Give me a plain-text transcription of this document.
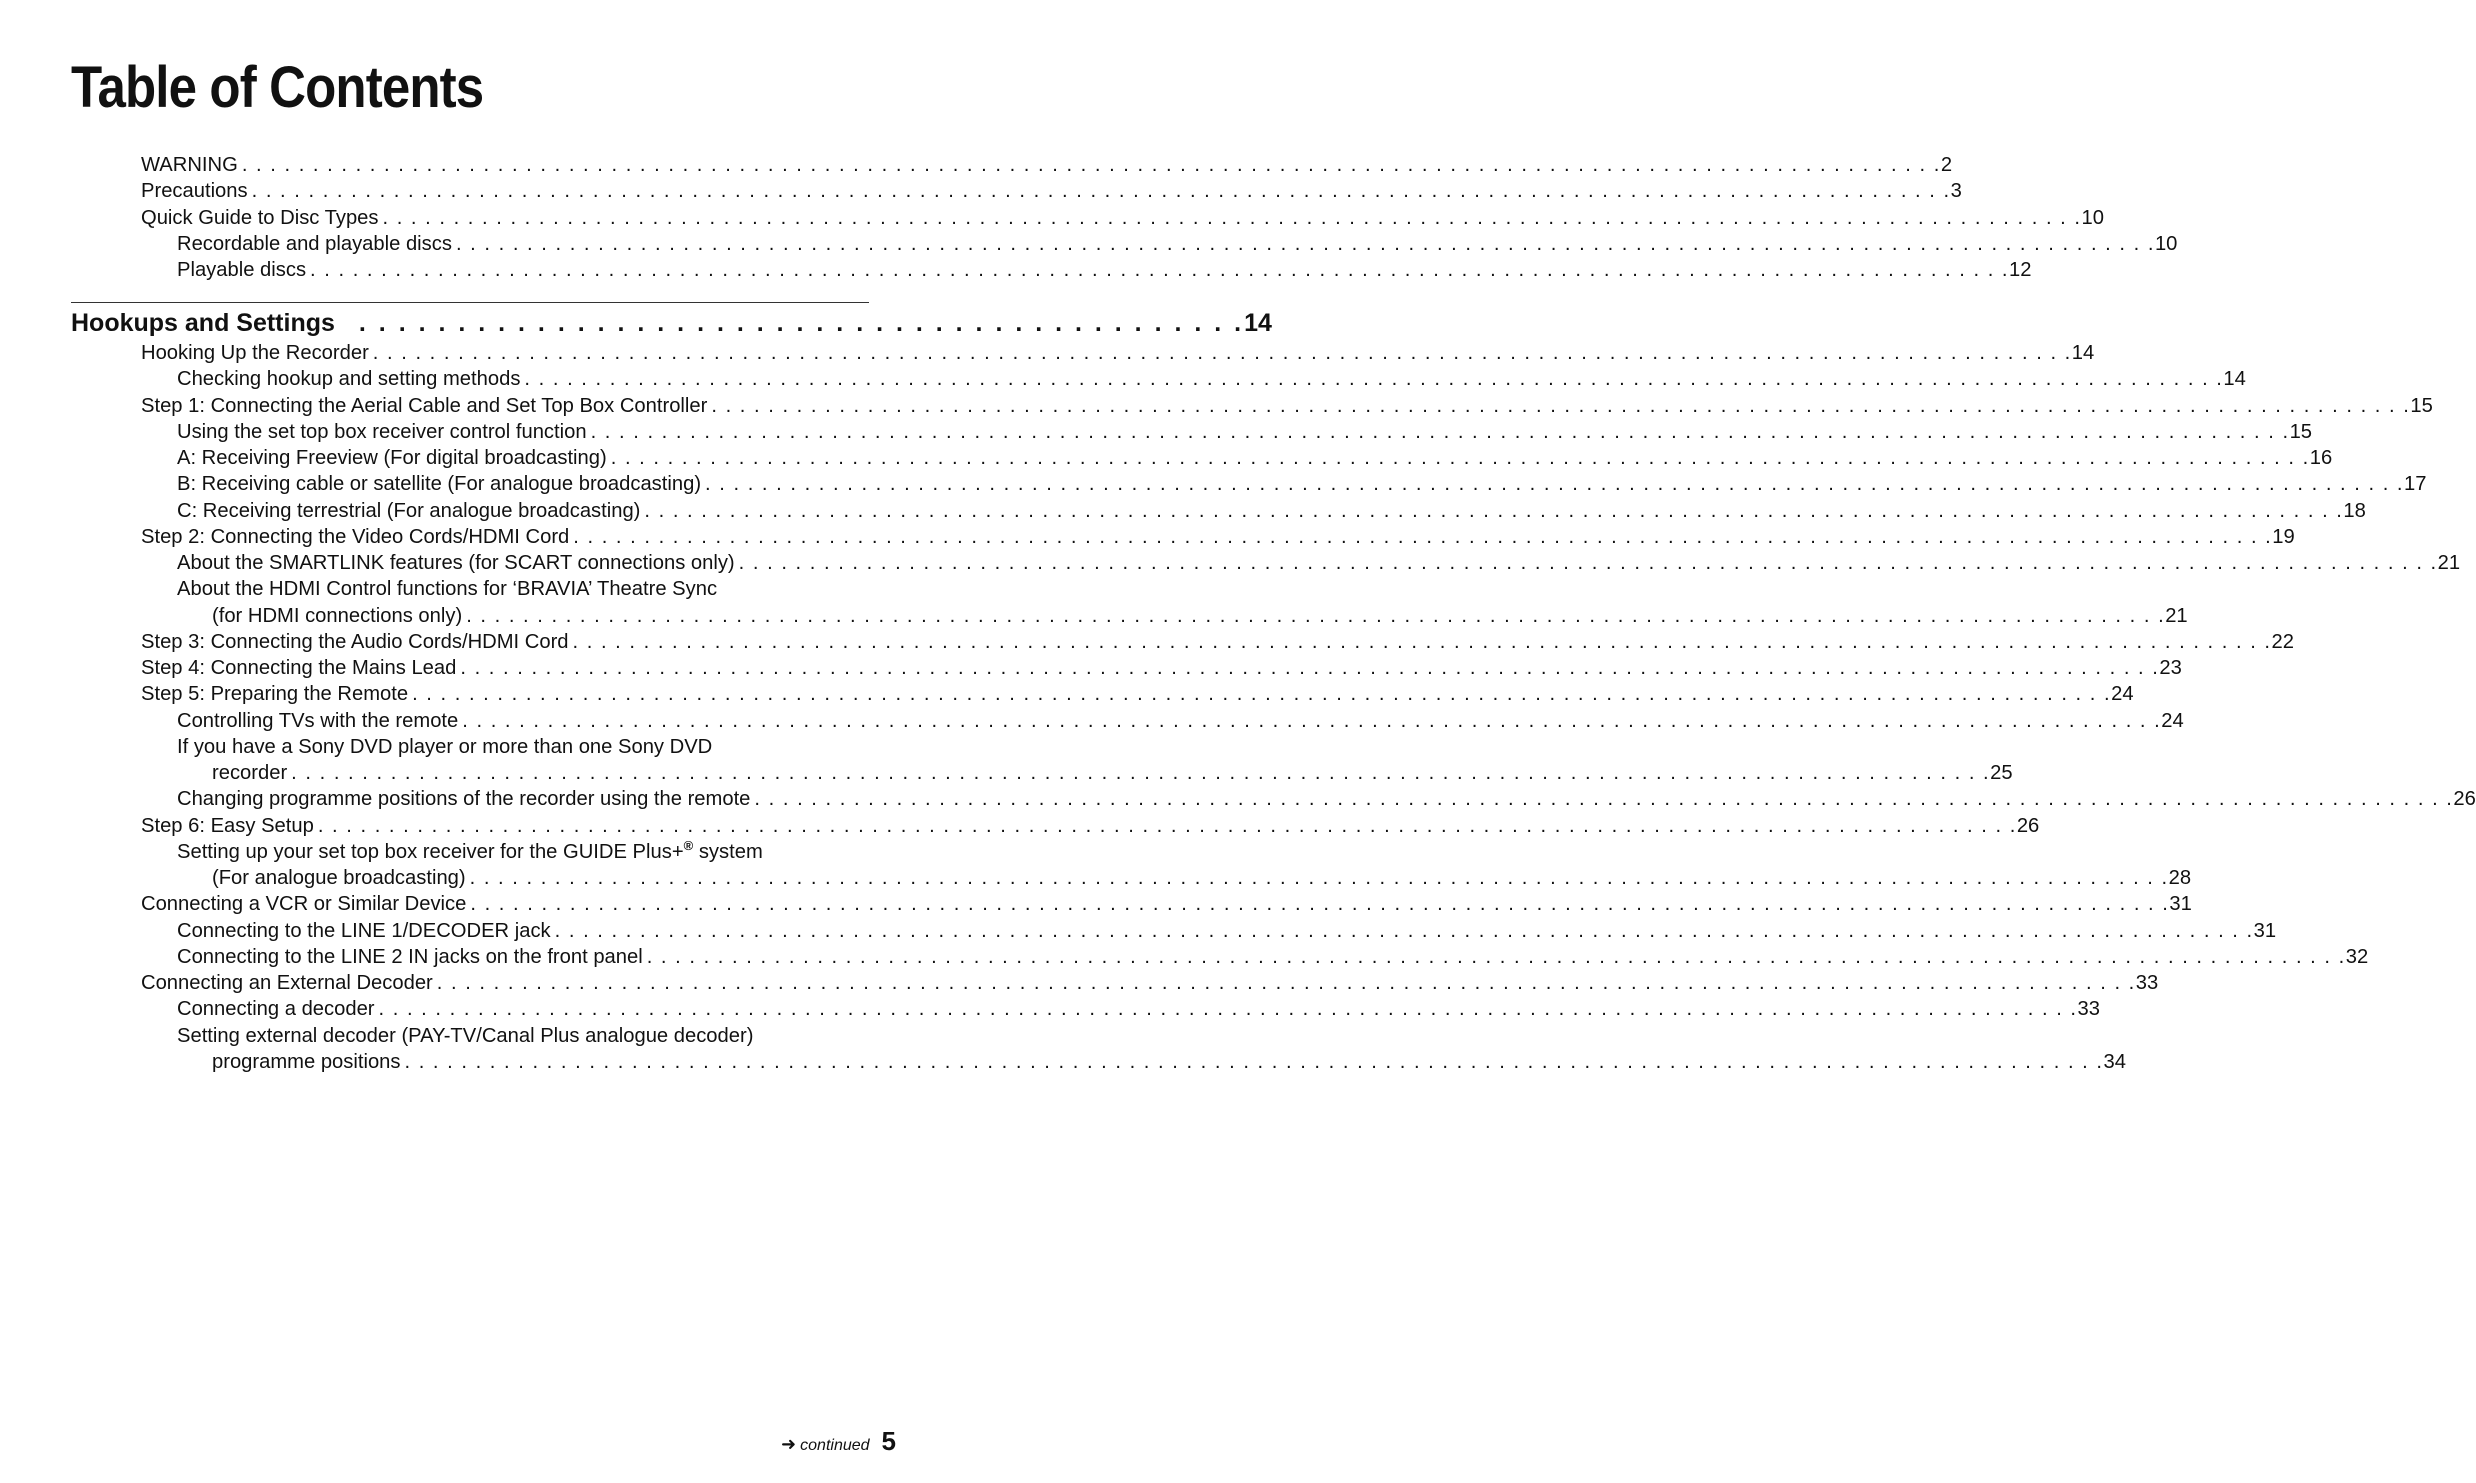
Table of Contents
WARNING . . . . . . . . . . . . . . . . . . . . . . . . . . . . . . . . . . . . . . . . . . . . . . . . . . . . . . . . . . . . . . . . . . . . . . . . . . . . . . . . . . . . . . . . . . . . . . . . . . . . . . . . . . . . . . . . . . . . . . . . 2
Precautions . . . . . . . . . . . . . . . . . . . . . . . . . . . . . . . . . . . . . . . . . . . . . . . . . . . . . . . . . . . . . . . . . . . . . . . . . . . . . . . . . . . . . . . . . . . . . . . . . . . . . . . . . . . . . . . . . . . . . . . . 3
Quick Guide to Disc Types . . . . . . . . . . . . . . . . . . . . . . . . . . . . . . . . . . . . . . . . . . . . . . . . . . . . . . . . . . . . . . . . . . . . . . . . . . . . . . . . . . . . . . . . . . . . . . . . . . . . . . . . . . . . . . . . . . . . . . . . 10
Recordable and playable discs . . . . . . . . . . . . . . . . . . . . . . . . . . . . . . . . . . . . . . . . . . . . . . . . . . . . . . . . . . . . . . . . . . . . . . . . . . . . . . . . . . . . . . . . . . . . . . . . . . . . . . . . . . . . . . . . . . . . . . . . 10
Playable discs . . . . . . . . . . . . . . . . . . . . . . . . . . . . . . . . . . . . . . . . . . . . . . . . . . . . . . . . . . . . . . . . . . . . . . . . . . . . . . . . . . . . . . . . . . . . . . . . . . . . . . . . . . . . . . . . . . . . . . . . 12
Hookups and Settings . . . . . . . . . . . . . . . . . . . . . . . . . . . . . . . . . . . . . . . . . . . . . 14
Hooking Up the Recorder . . . . . . . . . . . . . . . . . . . . . . . . . . . . . . . . . . . . . . . . . . . . . . . . . . . . . . . . . . . . . . . . . . . . . . . . . . . . . . . . . . . . . . . . . . . . . . . . . . . . . . . . . . . . . . . . . . . . . . . . 14
Checking hookup and setting methods . . . . . . . . . . . . . . . . . . . . . . . . . . . . . . . . . . . . . . . . . . . . . . . . . . . . . . . . . . . . . . . . . . . . . . . . . . . . . . . . . . . . . . . . . . . . . . . . . . . . . . . . . . . . . . . . . . . . . . . . 14
Step 1: Connecting the Aerial Cable and Set Top Box Controller . . . . . . . . . . . . . . . . . . . . . . . . . . . . . . . . . . . . . . . . . . . . . . . . . . . . . . . . . . . . . . . . . . . . . . . . . . . . . . . . . . . . . . . . . . . . . . . . . . . . . . . . . . . . . . . . . . . . . . . . 15
Using the set top box receiver control function . . . . . . . . . . . . . . . . . . . . . . . . . . . . . . . . . . . . . . . . . . . . . . . . . . . . . . . . . . . . . . . . . . . . . . . . . . . . . . . . . . . . . . . . . . . . . . . . . . . . . . . . . . . . . . . . . . . . . . . . 15
A: Receiving Freeview (For digital broadcasting) . . . . . . . . . . . . . . . . . . . . . . . . . . . . . . . . . . . . . . . . . . . . . . . . . . . . . . . . . . . . . . . . . . . . . . . . . . . . . . . . . . . . . . . . . . . . . . . . . . . . . . . . . . . . . . . . . . . . . . . . 16
B: Receiving cable or satellite (For analogue broadcasting) . . . . . . . . . . . . . . . . . . . . . . . . . . . . . . . . . . . . . . . . . . . . . . . . . . . . . . . . . . . . . . . . . . . . . . . . . . . . . . . . . . . . . . . . . . . . . . . . . . . . . . . . . . . . . . . . . . . . . . . . 17
C: Receiving terrestrial (For analogue broadcasting) . . . . . . . . . . . . . . . . . . . . . . . . . . . . . . . . . . . . . . . . . . . . . . . . . . . . . . . . . . . . . . . . . . . . . . . . . . . . . . . . . . . . . . . . . . . . . . . . . . . . . . . . . . . . . . . . . . . . . . . . 18
Step 2: Connecting the Video Cords/HDMI Cord . . . . . . . . . . . . . . . . . . . . . . . . . . . . . . . . . . . . . . . . . . . . . . . . . . . . . . . . . . . . . . . . . . . . . . . . . . . . . . . . . . . . . . . . . . . . . . . . . . . . . . . . . . . . . . . . . . . . . . . . 19
About the SMARTLINK features (for SCART connections only) . . . . . . . . . . . . . . . . . . . . . . . . . . . . . . . . . . . . . . . . . . . . . . . . . . . . . . . . . . . . . . . . . . . . . . . . . . . . . . . . . . . . . . . . . . . . . . . . . . . . . . . . . . . . . . . . . . . . . . . . 21
About the HDMI Control functions for ‘BRAVIA’ Theatre Sync
(for HDMI connections only) . . . . . . . . . . . . . . . . . . . . . . . . . . . . . . . . . . . . . . . . . . . . . . . . . . . . . . . . . . . . . . . . . . . . . . . . . . . . . . . . . . . . . . . . . . . . . . . . . . . . . . . . . . . . . . . . . . . . . . . . 21
Step 3: Connecting the Audio Cords/HDMI Cord . . . . . . . . . . . . . . . . . . . . . . . . . . . . . . . . . . . . . . . . . . . . . . . . . . . . . . . . . . . . . . . . . . . . . . . . . . . . . . . . . . . . . . . . . . . . . . . . . . . . . . . . . . . . . . . . . . . . . . . . 22
Step 4: Connecting the Mains Lead . . . . . . . . . . . . . . . . . . . . . . . . . . . . . . . . . . . . . . . . . . . . . . . . . . . . . . . . . . . . . . . . . . . . . . . . . . . . . . . . . . . . . . . . . . . . . . . . . . . . . . . . . . . . . . . . . . . . . . . . 23
Step 5: Preparing the Remote . . . . . . . . . . . . . . . . . . . . . . . . . . . . . . . . . . . . . . . . . . . . . . . . . . . . . . . . . . . . . . . . . . . . . . . . . . . . . . . . . . . . . . . . . . . . . . . . . . . . . . . . . . . . . . . . . . . . . . . . 24
Controlling TVs with the remote . . . . . . . . . . . . . . . . . . . . . . . . . . . . . . . . . . . . . . . . . . . . . . . . . . . . . . . . . . . . . . . . . . . . . . . . . . . . . . . . . . . . . . . . . . . . . . . . . . . . . . . . . . . . . . . . . . . . . . . . 24
If you have a Sony DVD player or more than one Sony DVD
recorder . . . . . . . . . . . . . . . . . . . . . . . . . . . . . . . . . . . . . . . . . . . . . . . . . . . . . . . . . . . . . . . . . . . . . . . . . . . . . . . . . . . . . . . . . . . . . . . . . . . . . . . . . . . . . . . . . . . . . . . . 25
Changing programme positions of the recorder using the remote . . . . . . . . . . . . . . . . . . . . . . . . . . . . . . . . . . . . . . . . . . . . . . . . . . . . . . . . . . . . . . . . . . . . . . . . . . . . . . . . . . . . . . . . . . . . . . . . . . . . . . . . . . . . . . . . . . . . . . . . 26
Step 6: Easy Setup . . . . . . . . . . . . . . . . . . . . . . . . . . . . . . . . . . . . . . . . . . . . . . . . . . . . . . . . . . . . . . . . . . . . . . . . . . . . . . . . . . . . . . . . . . . . . . . . . . . . . . . . . . . . . . . . . . . . . . . . 26
Setting up your set top box receiver for the GUIDE Plus+® system
(For analogue broadcasting) . . . . . . . . . . . . . . . . . . . . . . . . . . . . . . . . . . . . . . . . . . . . . . . . . . . . . . . . . . . . . . . . . . . . . . . . . . . . . . . . . . . . . . . . . . . . . . . . . . . . . . . . . . . . . . . . . . . . . . . . 28
Connecting a VCR or Similar Device . . . . . . . . . . . . . . . . . . . . . . . . . . . . . . . . . . . . . . . . . . . . . . . . . . . . . . . . . . . . . . . . . . . . . . . . . . . . . . . . . . . . . . . . . . . . . . . . . . . . . . . . . . . . . . . . . . . . . . . . 31
Connecting to the LINE 1/DECODER jack . . . . . . . . . . . . . . . . . . . . . . . . . . . . . . . . . . . . . . . . . . . . . . . . . . . . . . . . . . . . . . . . . . . . . . . . . . . . . . . . . . . . . . . . . . . . . . . . . . . . . . . . . . . . . . . . . . . . . . . . 31
Connecting to the LINE 2 IN jacks on the front panel . . . . . . . . . . . . . . . . . . . . . . . . . . . . . . . . . . . . . . . . . . . . . . . . . . . . . . . . . . . . . . . . . . . . . . . . . . . . . . . . . . . . . . . . . . . . . . . . . . . . . . . . . . . . . . . . . . . . . . . . 32
Connecting an External Decoder . . . . . . . . . . . . . . . . . . . . . . . . . . . . . . . . . . . . . . . . . . . . . . . . . . . . . . . . . . . . . . . . . . . . . . . . . . . . . . . . . . . . . . . . . . . . . . . . . . . . . . . . . . . . . . . . . . . . . . . . 33
Connecting a decoder . . . . . . . . . . . . . . . . . . . . . . . . . . . . . . . . . . . . . . . . . . . . . . . . . . . . . . . . . . . . . . . . . . . . . . . . . . . . . . . . . . . . . . . . . . . . . . . . . . . . . . . . . . . . . . . . . . . . . . . . 33
Setting external decoder (PAY-TV/Canal Plus analogue decoder)
programme positions . . . . . . . . . . . . . . . . . . . . . . . . . . . . . . . . . . . . . . . . . . . . . . . . . . . . . . . . . . . . . . . . . . . . . . . . . . . . . . . . . . . . . . . . . . . . . . . . . . . . . . . . . . . . . . . . . . . . . . . . 34
➜ continued 5
